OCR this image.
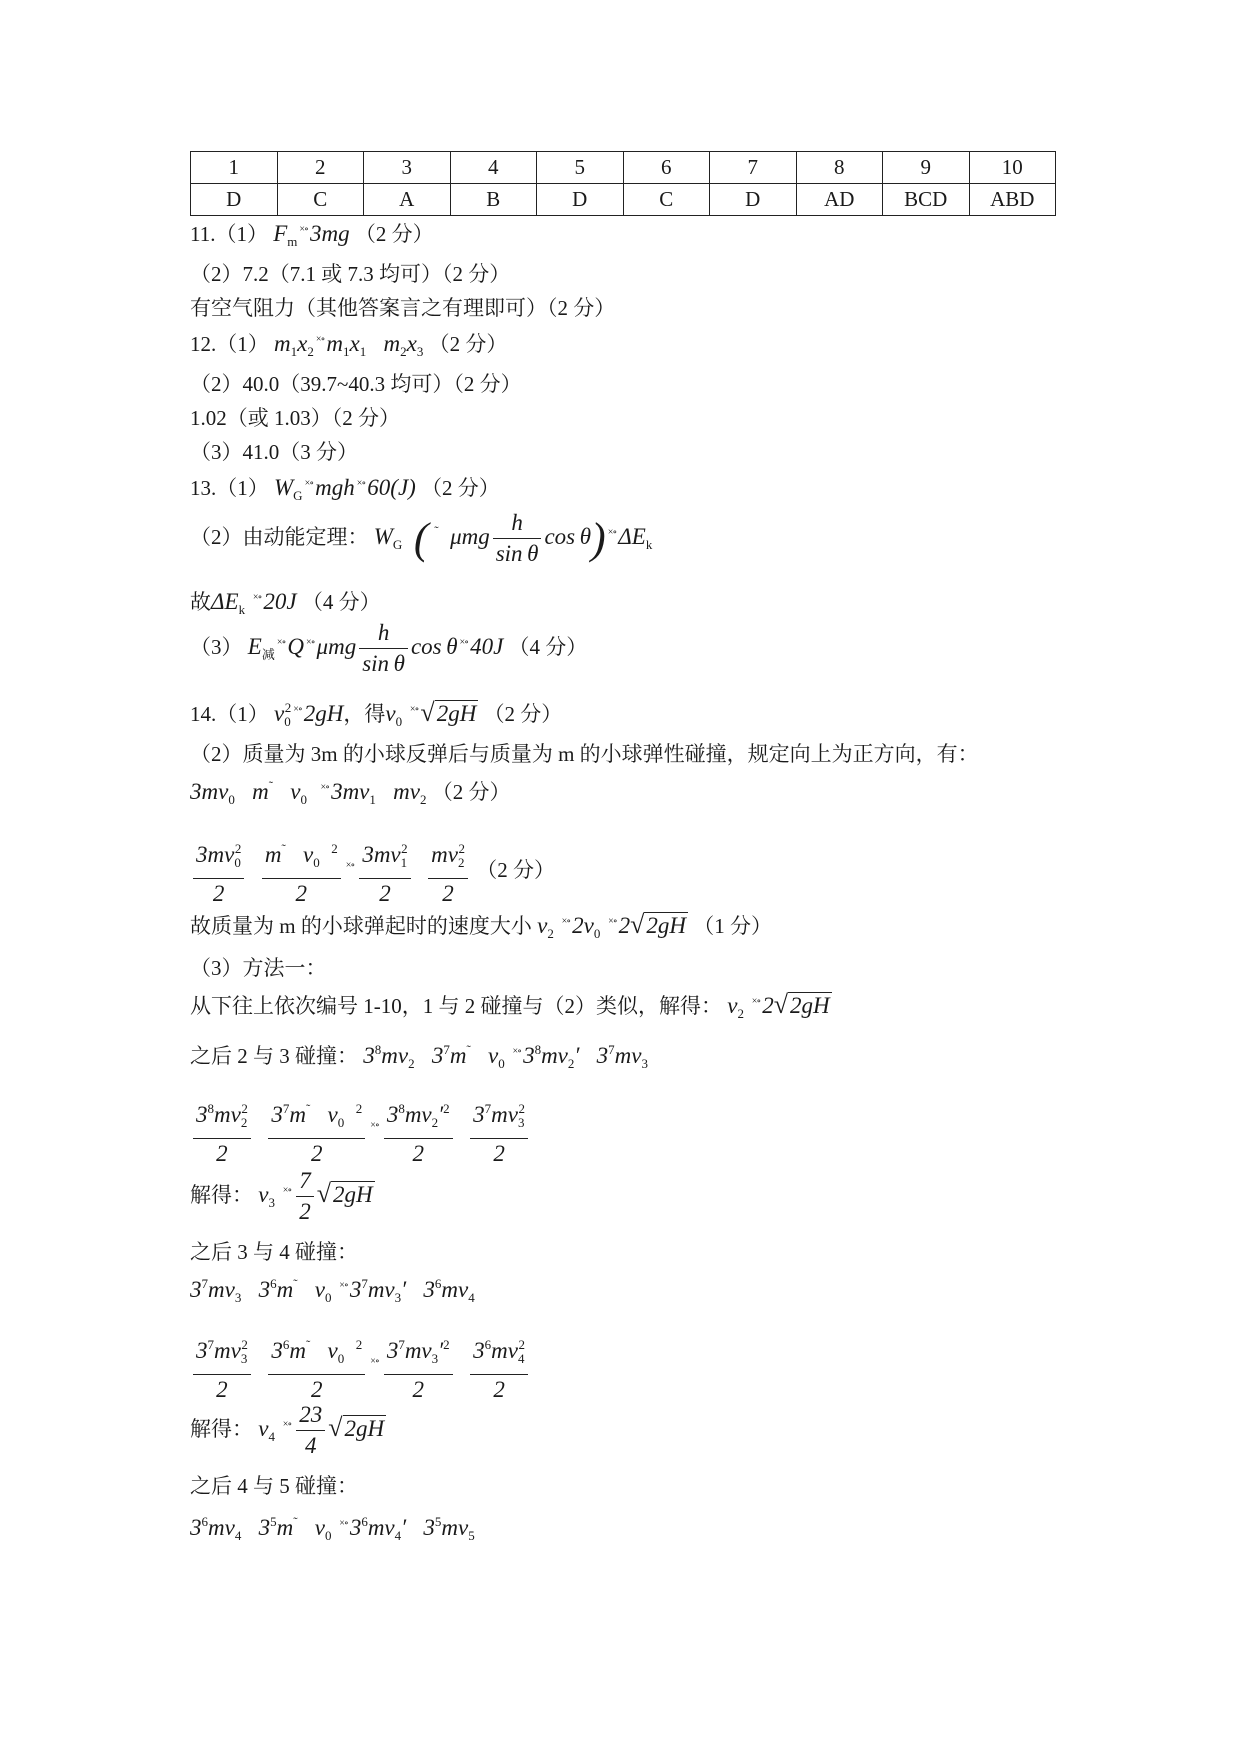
1	2	3	4	5	6	7	8	9	10
D	C	A	B	D	C	D	AD	BCD	ABD
11.（1） $F_m^{\times\circ}3mg$ （2 分）
（2）7.2（7.1 或 7.3 均可）（2 分）
有空气阻力（其他答案言之有理即可）（2 分）
12.（1） $m_1x_2^{\times\circ}m_1x_1$   $m_2x_3$ （2 分）
（2）40.0（39.7~40.3 均可）（2 分）
1.02（或 1.03）（2 分）
（3）41.0（3 分）
13.（1） $W_G^{\times\circ}mgh$ ×∘60(J) （2 分）
（2）由动能定理： $W_G$ ( ˜  μmg $\frac{h}{\text{sin θ}}$ cos θ) $^{\times\circ}\Delta E_k$
故$\Delta E_k$ ×∘20J （4 分）
（3） $E_减^{\times\circ}Q$ $^{\times\circ}\mu mg \frac{h}{\text{sin θ}}$ cos θ ×∘40J （4 分）
14.（1） $v_0^2$ ×∘2gH，得$v_0$ ×∘√2gH （2 分）
（2）质量为 3m 的小球反弹后与质量为 m 的小球弹性碰撞，规定向上为正方向，有：
$3mv_0$   m˜   $v_0$  $^{\times\circ}3mv_1$   $mv_2$ （2 分）
$\frac{3mv_0^2}{2}$
$\frac{m^˜ v_0 ^2}{2} ^{\times\circ} \frac{3mv_1^2}{2}$
$\frac{mv_2^2}{2} (2$ 分）
故质量为 m 的小球弹起时的速度大小 $v_2$ $^{\times\circ}2v_0$ ×∘2√2gH （1 分）
（3）方法一：
从下往上依次编号 1-10，1 与 2 碰撞与（2）类似，解得： $v_2$ ×∘2√2gH
之后 2 与 3 碰撞： $3^8mv_2$ $3^7m^˜$   $v_0$ $^{\times\circ}3^8mv_2'$   $3^7mv_3$
$\frac{3^8mv_2^2}{2}$
$\frac{3^7m^˜ v_0 ^2}{2} ^{\times\circ} \frac{3^8mv_2'^2}{2}$
$\frac{3^7mv_3^2}{2}$
解得： $v_3$ $^{\times\circ} \frac{7}{2} √2gH$
之后 3 与 4 碰撞：
$3^7mv_3$ $3^6m^˜$   $v_0$ $^{\times\circ}3^7mv_3'$   $3^6mv_4$
$\frac{3^7mv_3^2}{2}$
$\frac{3^6m^˜ v_0 ^2}{2} ^{\times\circ} \frac{3^7mv_3'^2}{2}$
$\frac{3^6mv_4^2}{2}$
解得： $v_4$ $^{\times\circ} \frac{23}{4} √2gH$
之后 4 与 5 碰撞：
$3^6mv_4$ $3^5m^˜$   $v_0$ $^{\times\circ}3^6mv_4'$   $3^5mv_5$
